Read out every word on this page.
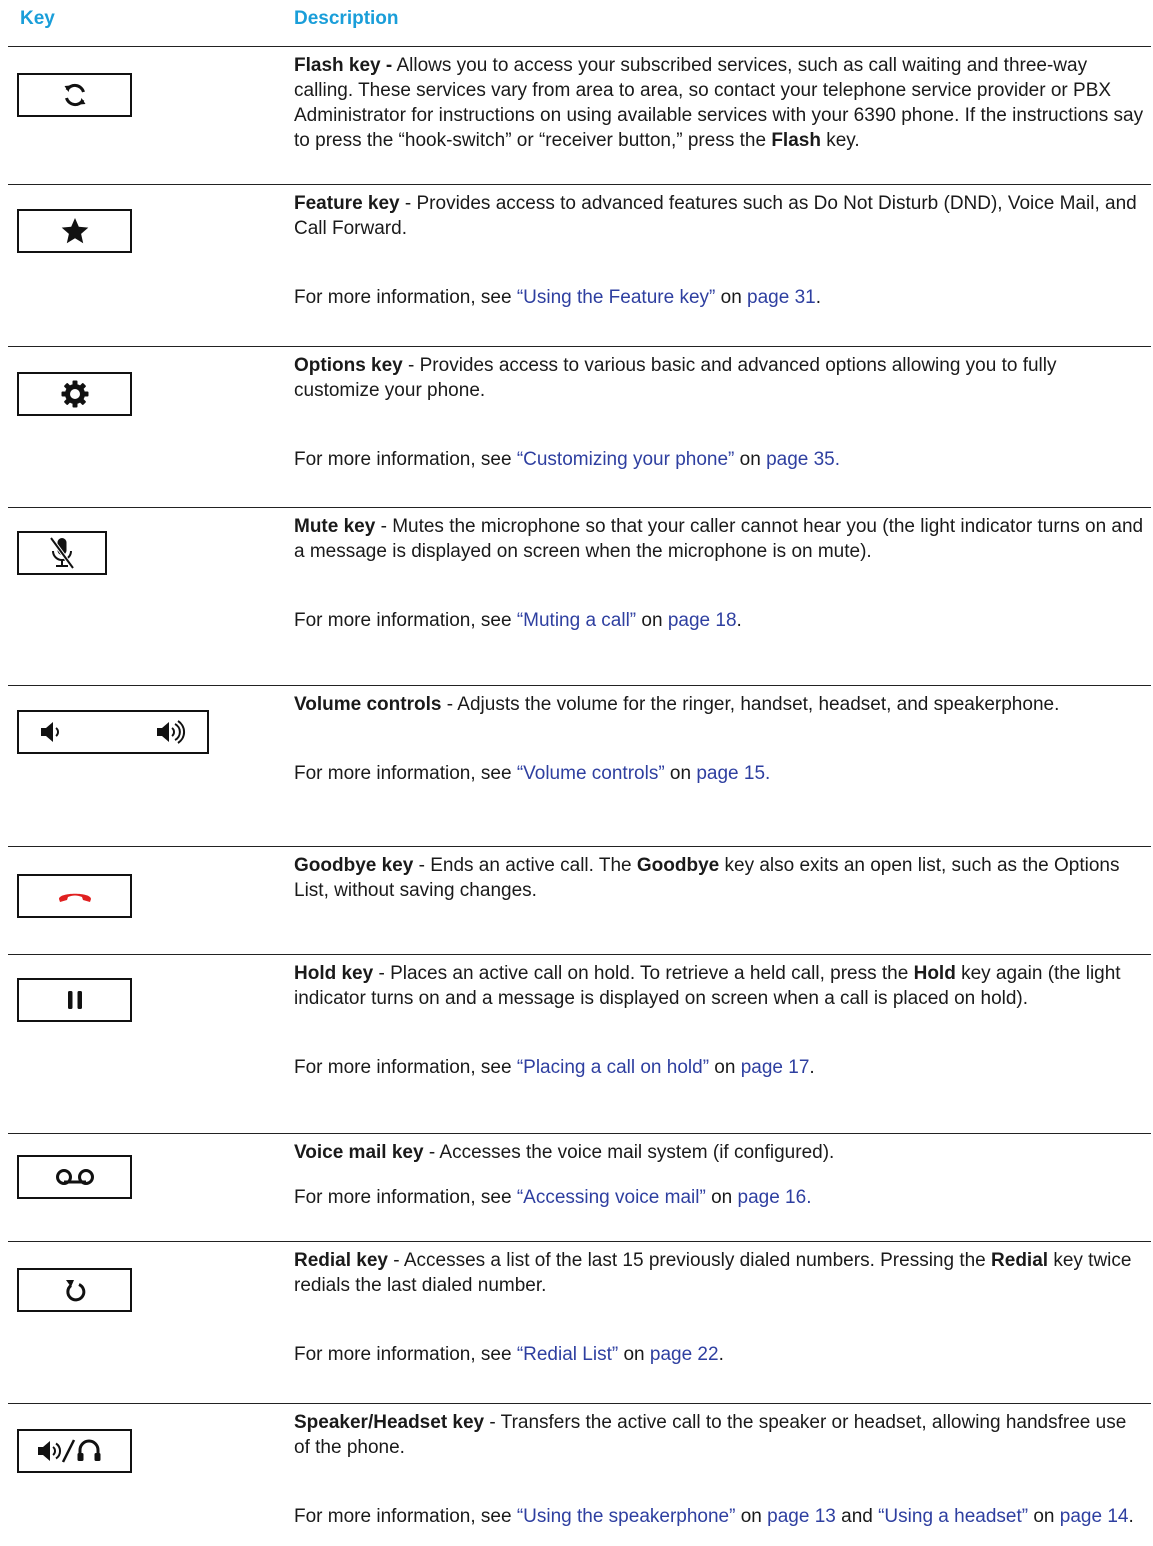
Key	Description

Flash key - Allows you to access your subscribed services, such as call waiting and three-way calling. These services vary from area to area, so contact your telephone service provider or PBX Administrator for instructions on using available services with your 6390 phone. If the instructions say to press the “hook-switch” or “receiver button,” press the Flash key.

Feature key - Provides access to advanced features such as Do Not Disturb (DND), Voice Mail, and Call Forward.

For more information, see “Using the Feature key” on page 31.

Options key - Provides access to various basic and advanced options allowing you to fully customize your phone.

For more information, see “Customizing your phone” on page 35.

Mute key - Mutes the microphone so that your caller cannot hear you (the light indicator turns on and a message is displayed on screen when the microphone is on mute).

For more information, see “Muting a call” on page 18.

Volume controls - Adjusts the volume for the ringer, handset, headset, and speakerphone.

For more information, see “Volume controls” on page 15.

Goodbye key - Ends an active call. The Goodbye key also exits an open list, such as the Options List, without saving changes.

Hold key - Places an active call on hold. To retrieve a held call, press the Hold key again (the light indicator turns on and a message is displayed on screen when a call is placed on hold).

For more information, see “Placing a call on hold” on page 17.

Voice mail key - Accesses the voice mail system (if configured).

For more information, see “Accessing voice mail” on page 16.

Redial key - Accesses a list of the last 15 previously dialed numbers. Pressing the Redial key twice redials the last dialed number.

For more information, see “Redial List” on page 22.

Speaker/Headset key - Transfers the active call to the speaker or headset, allowing handsfree use of the phone.

For more information, see “Using the speakerphone” on page 13 and “Using a headset” on page 14.
